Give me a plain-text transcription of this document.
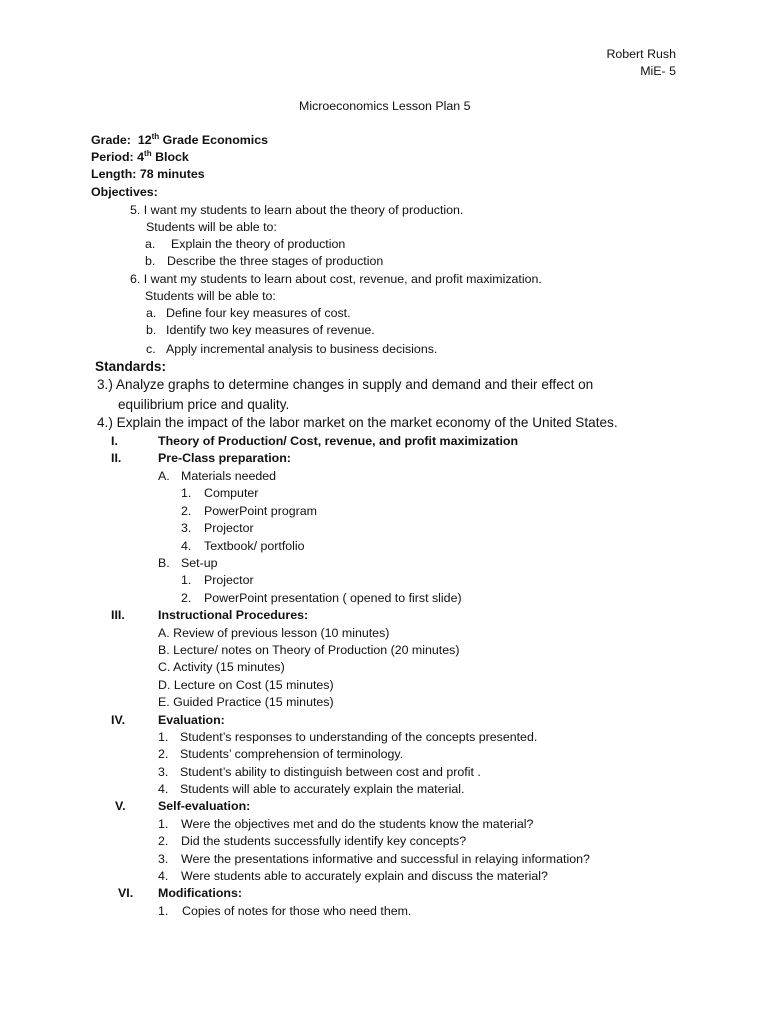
Robert Rush
MiE- 5
Microeconomics Lesson Plan 5
Grade: 12th Grade Economics
Period: 4th Block
Length: 78 minutes
Objectives:
5. I want my students to learn about the theory of production.
Students will be able to:
a. Explain the theory of production
b. Describe the three stages of production
6. I want my students to learn about cost, revenue, and profit maximization.
Students will be able to:
a. Define four key measures of cost.
b. Identify two key measures of revenue.
c. Apply incremental analysis to business decisions.
Standards:
3.) Analyze graphs to determine changes in supply and demand and their effect on
equilibrium price and quality.
4.) Explain the impact of the labor market on the market economy of the United States.
I.	Theory of Production/ Cost, revenue, and profit maximization
II.	Pre-Class preparation:
A. Materials needed
1. Computer
2. PowerPoint program
3. Projector
4. Textbook/ portfolio
B. Set-up
1. Projector
2. PowerPoint presentation ( opened to first slide)
III.	Instructional Procedures:
A. Review of previous lesson (10 minutes)
B. Lecture/ notes on Theory of Production (20 minutes)
C. Activity (15 minutes)
D. Lecture on Cost (15 minutes)
E. Guided Practice (15 minutes)
IV.	Evaluation:
1. Student’s responses to understanding of the concepts presented.
2. Students’ comprehension of terminology.
3. Student’s ability to distinguish between cost and profit .
4. Students will able to accurately explain the material.
V.	Self-evaluation:
1. Were the objectives met and do the students know the material?
2. Did the students successfully identify key concepts?
3. Were the presentations informative and successful in relaying information?
4. Were students able to accurately explain and discuss the material?
VI. Modifications:
1. Copies of notes for those who need them.
